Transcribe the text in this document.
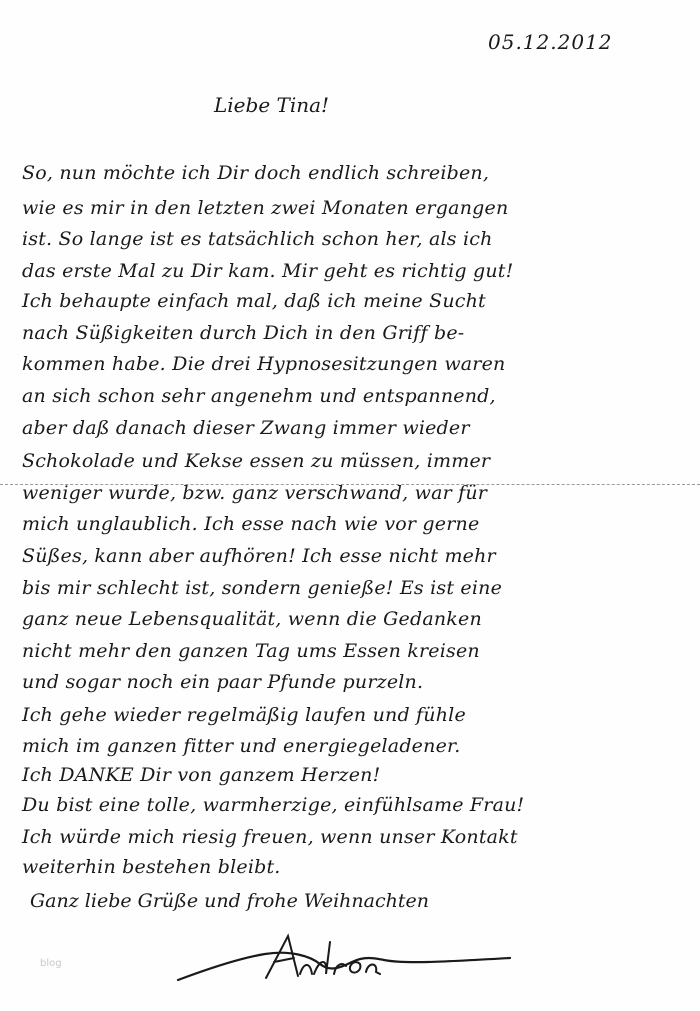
05.12.2012
Liebe Tina!
So, nun möchte ich Dir doch endlich schreiben,
wie es mir in den letzten zwei Monaten ergangen
ist. So lange ist es tatsächlich schon her, als ich
das erste Mal zu Dir kam. Mir geht es richtig gut!
Ich behaupte einfach mal, daß ich meine Sucht
nach Süßigkeiten durch Dich in den Griff be-
kommen habe. Die drei Hypnosesitzungen waren
an sich schon sehr angenehm und entspannend,
aber daß danach dieser Zwang immer wieder
Schokolade und Kekse essen zu müssen, immer
weniger wurde, bzw. ganz verschwand, war für
mich unglaublich. Ich esse nach wie vor gerne
Süßes, kann aber aufhören! Ich esse nicht mehr
bis mir schlecht ist, sondern genieße! Es ist eine
ganz neue Lebensqualität, wenn die Gedanken
nicht mehr den ganzen Tag ums Essen kreisen
und sogar noch ein paar Pfunde purzeln.
Ich gehe wieder regelmäßig laufen und fühle
mich im ganzen fitter und energiegeladener.
Ich DANKE Dir von ganzem Herzen!
Du bist eine tolle, warmherzige, einfühlsame Frau!
Ich würde mich riesig freuen, wenn unser Kontakt
weiterhin bestehen bleibt.
Ganz liebe Grüße und frohe Weihnachten
blog
